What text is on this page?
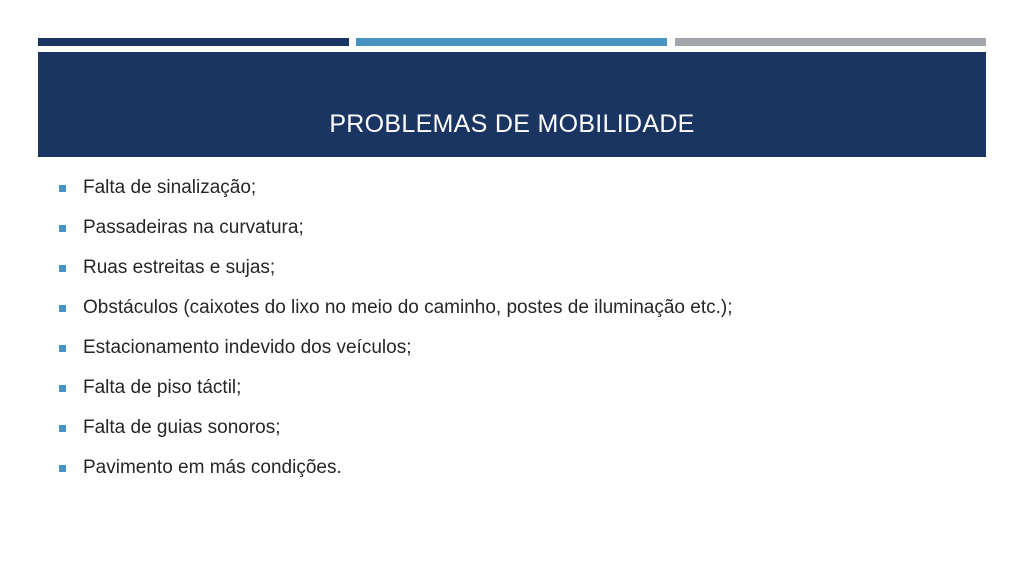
PROBLEMAS DE MOBILIDADE
Falta de sinalização;
Passadeiras na curvatura;
Ruas estreitas e sujas;
Obstáculos (caixotes do lixo no meio do caminho, postes de iluminação etc.);
Estacionamento indevido dos veículos;
Falta de piso táctil;
Falta de guias sonoros;
Pavimento em más condições.
